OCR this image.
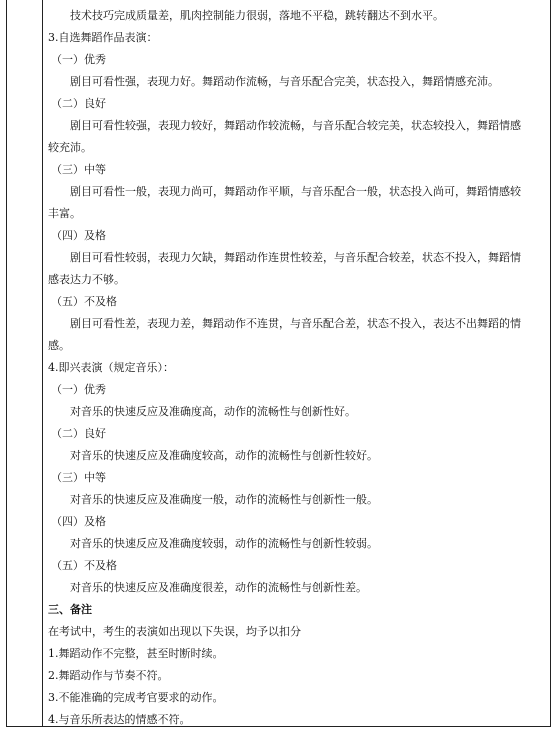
技术技巧完成质量差，肌肉控制能力很弱，落地不平稳，跳转翻达不到水平。
3.自选舞蹈作品表演：
（一）优秀
剧目可看性强，表现力好。舞蹈动作流畅，与音乐配合完美，状态投入，舞蹈情感充沛。
（二）良好
剧目可看性较强，表现力较好，舞蹈动作较流畅，与音乐配合较完美，状态较投入，舞蹈情感
较充沛。
（三）中等
剧目可看性一般，表现力尚可，舞蹈动作平顺，与音乐配合一般，状态投入尚可，舞蹈情感较
丰富。
（四）及格
剧目可看性较弱，表现力欠缺，舞蹈动作连贯性较差，与音乐配合较差，状态不投入，舞蹈情
感表达力不够。
（五）不及格
剧目可看性差，表现力差，舞蹈动作不连贯，与音乐配合差，状态不投入，表达不出舞蹈的情
感。
4.即兴表演（规定音乐）：
（一）优秀
对音乐的快速反应及准确度高，动作的流畅性与创新性好。
（二）良好
对音乐的快速反应及准确度较高，动作的流畅性与创新性较好。
（三）中等
对音乐的快速反应及准确度一般，动作的流畅性与创新性一般。
（四）及格
对音乐的快速反应及准确度较弱，动作的流畅性与创新性较弱。
（五）不及格
对音乐的快速反应及准确度很差，动作的流畅性与创新性差。
三、备注
在考试中，考生的表演如出现以下失误，均予以扣分
1.舞蹈动作不完整，甚至时断时续。
2.舞蹈动作与节奏不符。
3.不能准确的完成考官要求的动作。
4.与音乐所表达的情感不符。
